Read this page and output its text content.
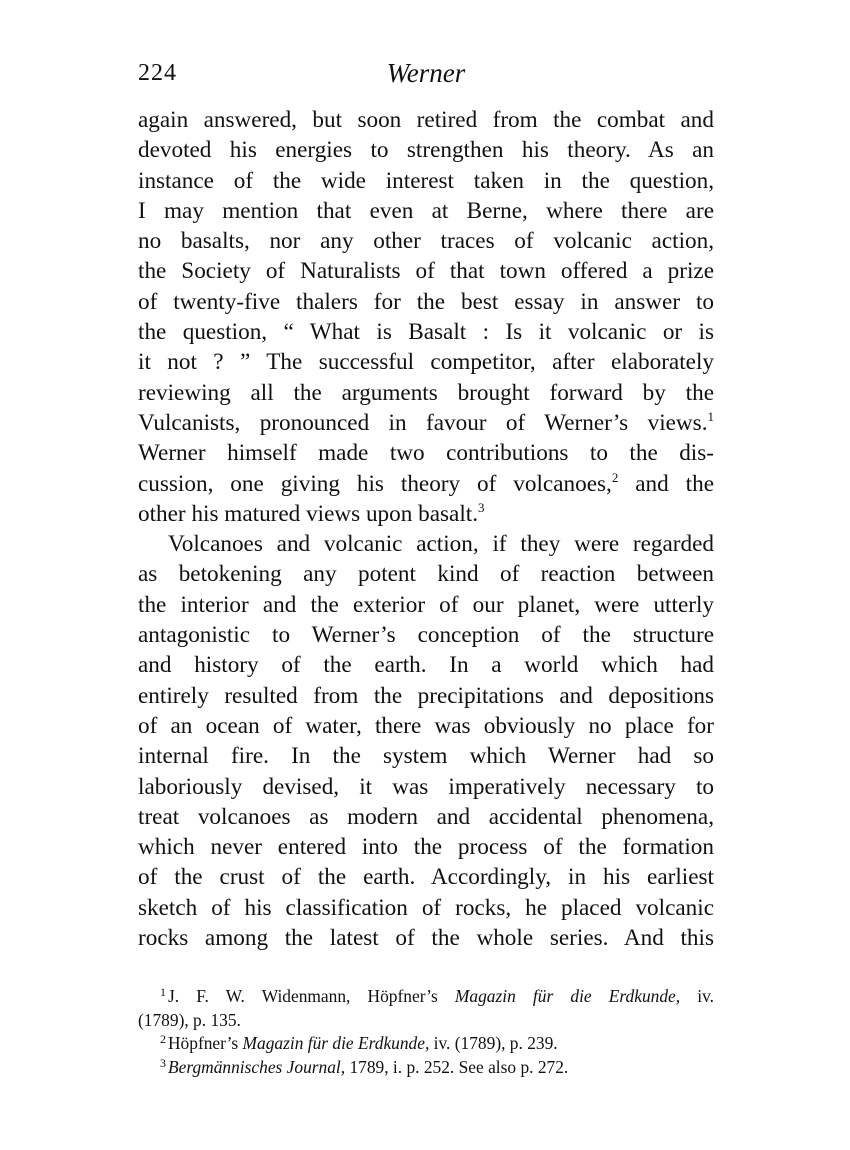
224	Werner
again answered, but soon retired from the combat and
devoted his energies to strengthen his theory. As an
instance of the wide interest taken in the question,
I may mention that even at Berne, where there are
no basalts, nor any other traces of volcanic action,
the Society of Naturalists of that town offered a prize
of twenty-five thalers for the best essay in answer to
the question, “ What is Basalt : Is it volcanic or is
it not ? ” The successful competitor, after elaborately
reviewing all the arguments brought forward by the
Vulcanists, pronounced in favour of Werner’s views.$^1$
Werner himself made two contributions to the dis-
cussion, one giving his theory of volcanoes,$^2$ and the
other his matured views upon basalt.$^3$
Volcanoes and volcanic action, if they were regarded
as betokening any potent kind of reaction between
the interior and the exterior of our planet, were utterly
antagonistic to Werner’s conception of the structure
and history of the earth. In a world which had
entirely resulted from the precipitations and depositions
of an ocean of water, there was obviously no place for
internal fire. In the system which Werner had so
laboriously devised, it was imperatively necessary to
treat volcanoes as modern and accidental phenomena,
which never entered into the process of the formation
of the crust of the earth. Accordingly, in his earliest
sketch of his classification of rocks, he placed volcanic
rocks among the latest of the whole series. And this
$^1$ J. F. W. Widenmann, Höpfner’s Magazin für die Erdkunde, iv.
(1789), p. 135.
$^2$ Höpfner’s Magazin für die Erdkunde, iv. (1789), p. 239.
$^3$ Bergmännisches Journal, 1789, i. p. 252. See also p. 272.
